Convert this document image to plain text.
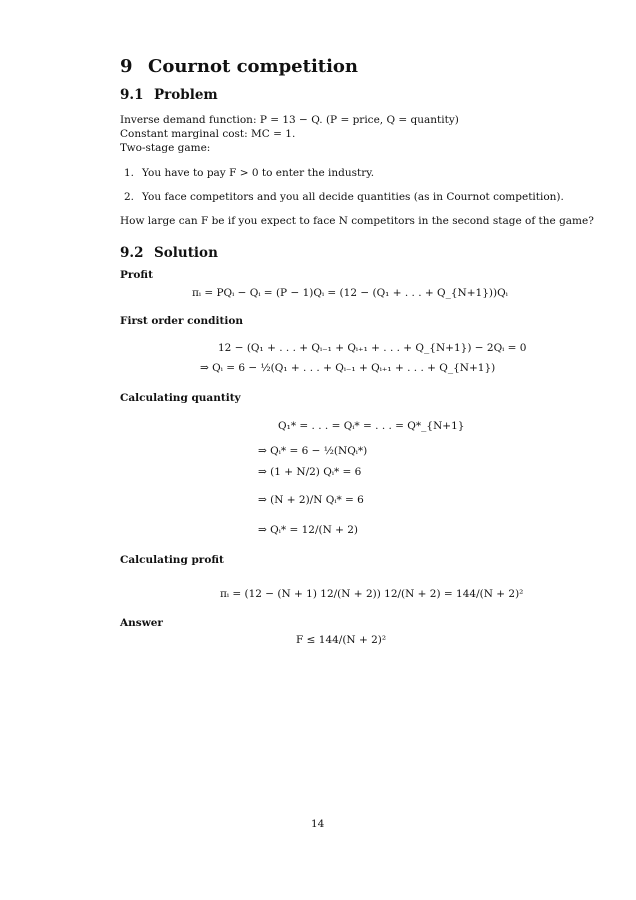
9 Cournot competition
9.1 Problem
Inverse demand function: P = 13 − Q. (P = price, Q = quantity)
Constant marginal cost: MC = 1.
Two-stage game:
1. You have to pay F > 0 to enter the industry.
2. You face competitors and you all decide quantities (as in Cournot competition).
How large can F be if you expect to face N competitors in the second stage of the game?
9.2 Solution
Profit
πᵢ = PQᵢ − Qᵢ = (P − 1)Qᵢ = (12 − (Q₁ + . . . + Q_{N+1}))Qᵢ
First order condition
12 − (Q₁ + . . . + Qᵢ₋₁ + Qᵢ₊₁ + . . . + Q_{N+1}) − 2Qᵢ = 0
⇒ Qᵢ = 6 − ½(Q₁ + . . . + Qᵢ₋₁ + Qᵢ₊₁ + . . . + Q_{N+1})
Calculating quantity
Q₁* = . . . = Qᵢ* = . . . = Q*_{N+1}
⇒ Qᵢ* = 6 − ½(NQᵢ*)
⇒ (1 + N/2) Qᵢ* = 6
⇒ (N + 2)/N Qᵢ* = 6
⇒ Qᵢ* = 12/(N + 2)
Calculating profit
πᵢ = (12 − (N + 1) 12/(N + 2)) 12/(N + 2) = 144/(N + 2)²
Answer
F ≤ 144/(N + 2)²
14
